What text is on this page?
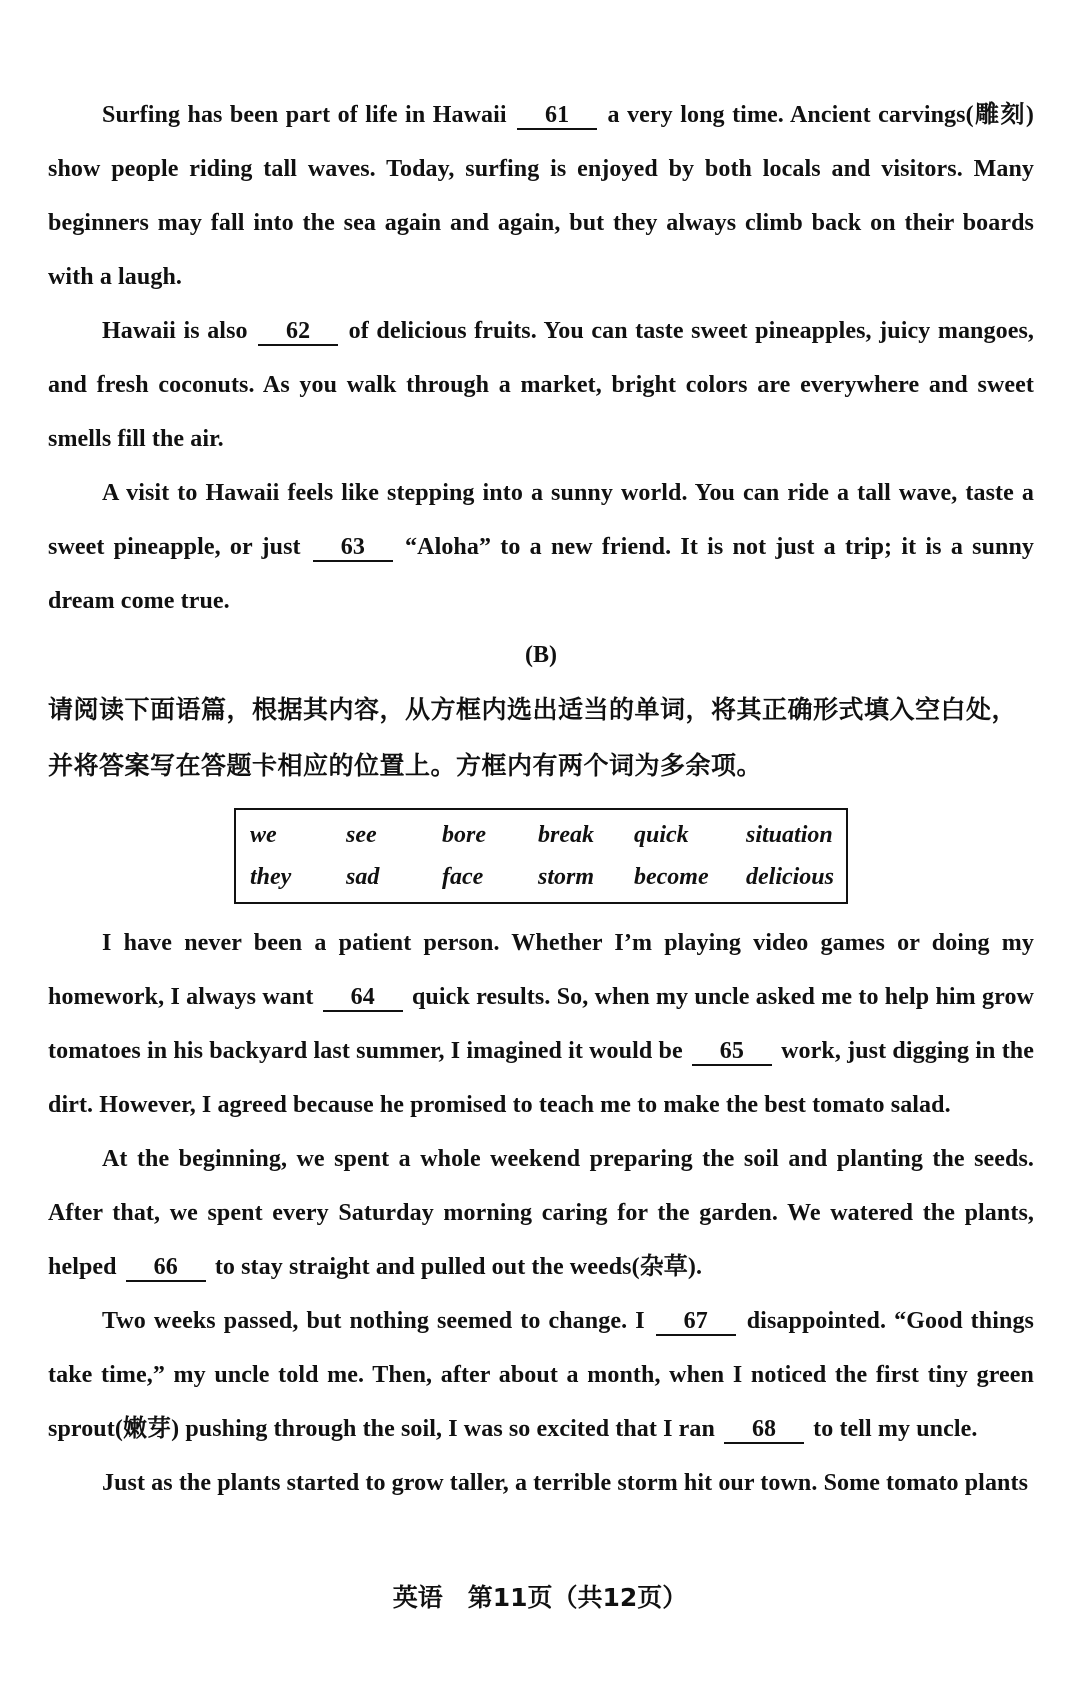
Surfing has been part of life in Hawaii 61 a very long time. Ancient carvings(雕刻) show people riding tall waves. Today, surfing is enjoyed by both locals and visitors. Many beginners may fall into the sea again and again, but they always climb back on their boards with a laugh.

Hawaii is also 62 of delicious fruits. You can taste sweet pineapples, juicy mangoes, and fresh coconuts. As you walk through a market, bright colors are everywhere and sweet smells fill the air.

A visit to Hawaii feels like stepping into a sunny world. You can ride a tall wave, taste a sweet pineapple, or just 63 “Aloha” to a new friend. It is not just a trip; it is a sunny dream come true.

(B)

请阅读下面语篇，根据其内容，从方框内选出适当的单词，将其正确形式填入空白处，并将答案写在答题卡相应的位置上。方框内有两个词为多余项。

we	see	bore	break	quick	situation
they	sad	face	storm	become	delicious

I have never been a patient person. Whether I’m playing video games or doing my homework, I always want 64 quick results. So, when my uncle asked me to help him grow tomatoes in his backyard last summer, I imagined it would be 65 work, just digging in the dirt. However, I agreed because he promised to teach me to make the best tomato salad.

At the beginning, we spent a whole weekend preparing the soil and planting the seeds. After that, we spent every Saturday morning caring for the garden. We watered the plants, helped 66 to stay straight and pulled out the weeds(杂草).

Two weeks passed, but nothing seemed to change. I 67 disappointed. “Good things take time,” my uncle told me. Then, after about a month, when I noticed the first tiny green sprout(嫩芽) pushing through the soil, I was so excited that I ran 68 to tell my uncle.

Just as the plants started to grow taller, a terrible storm hit our town. Some tomato plants

英语　第11页（共12页）
